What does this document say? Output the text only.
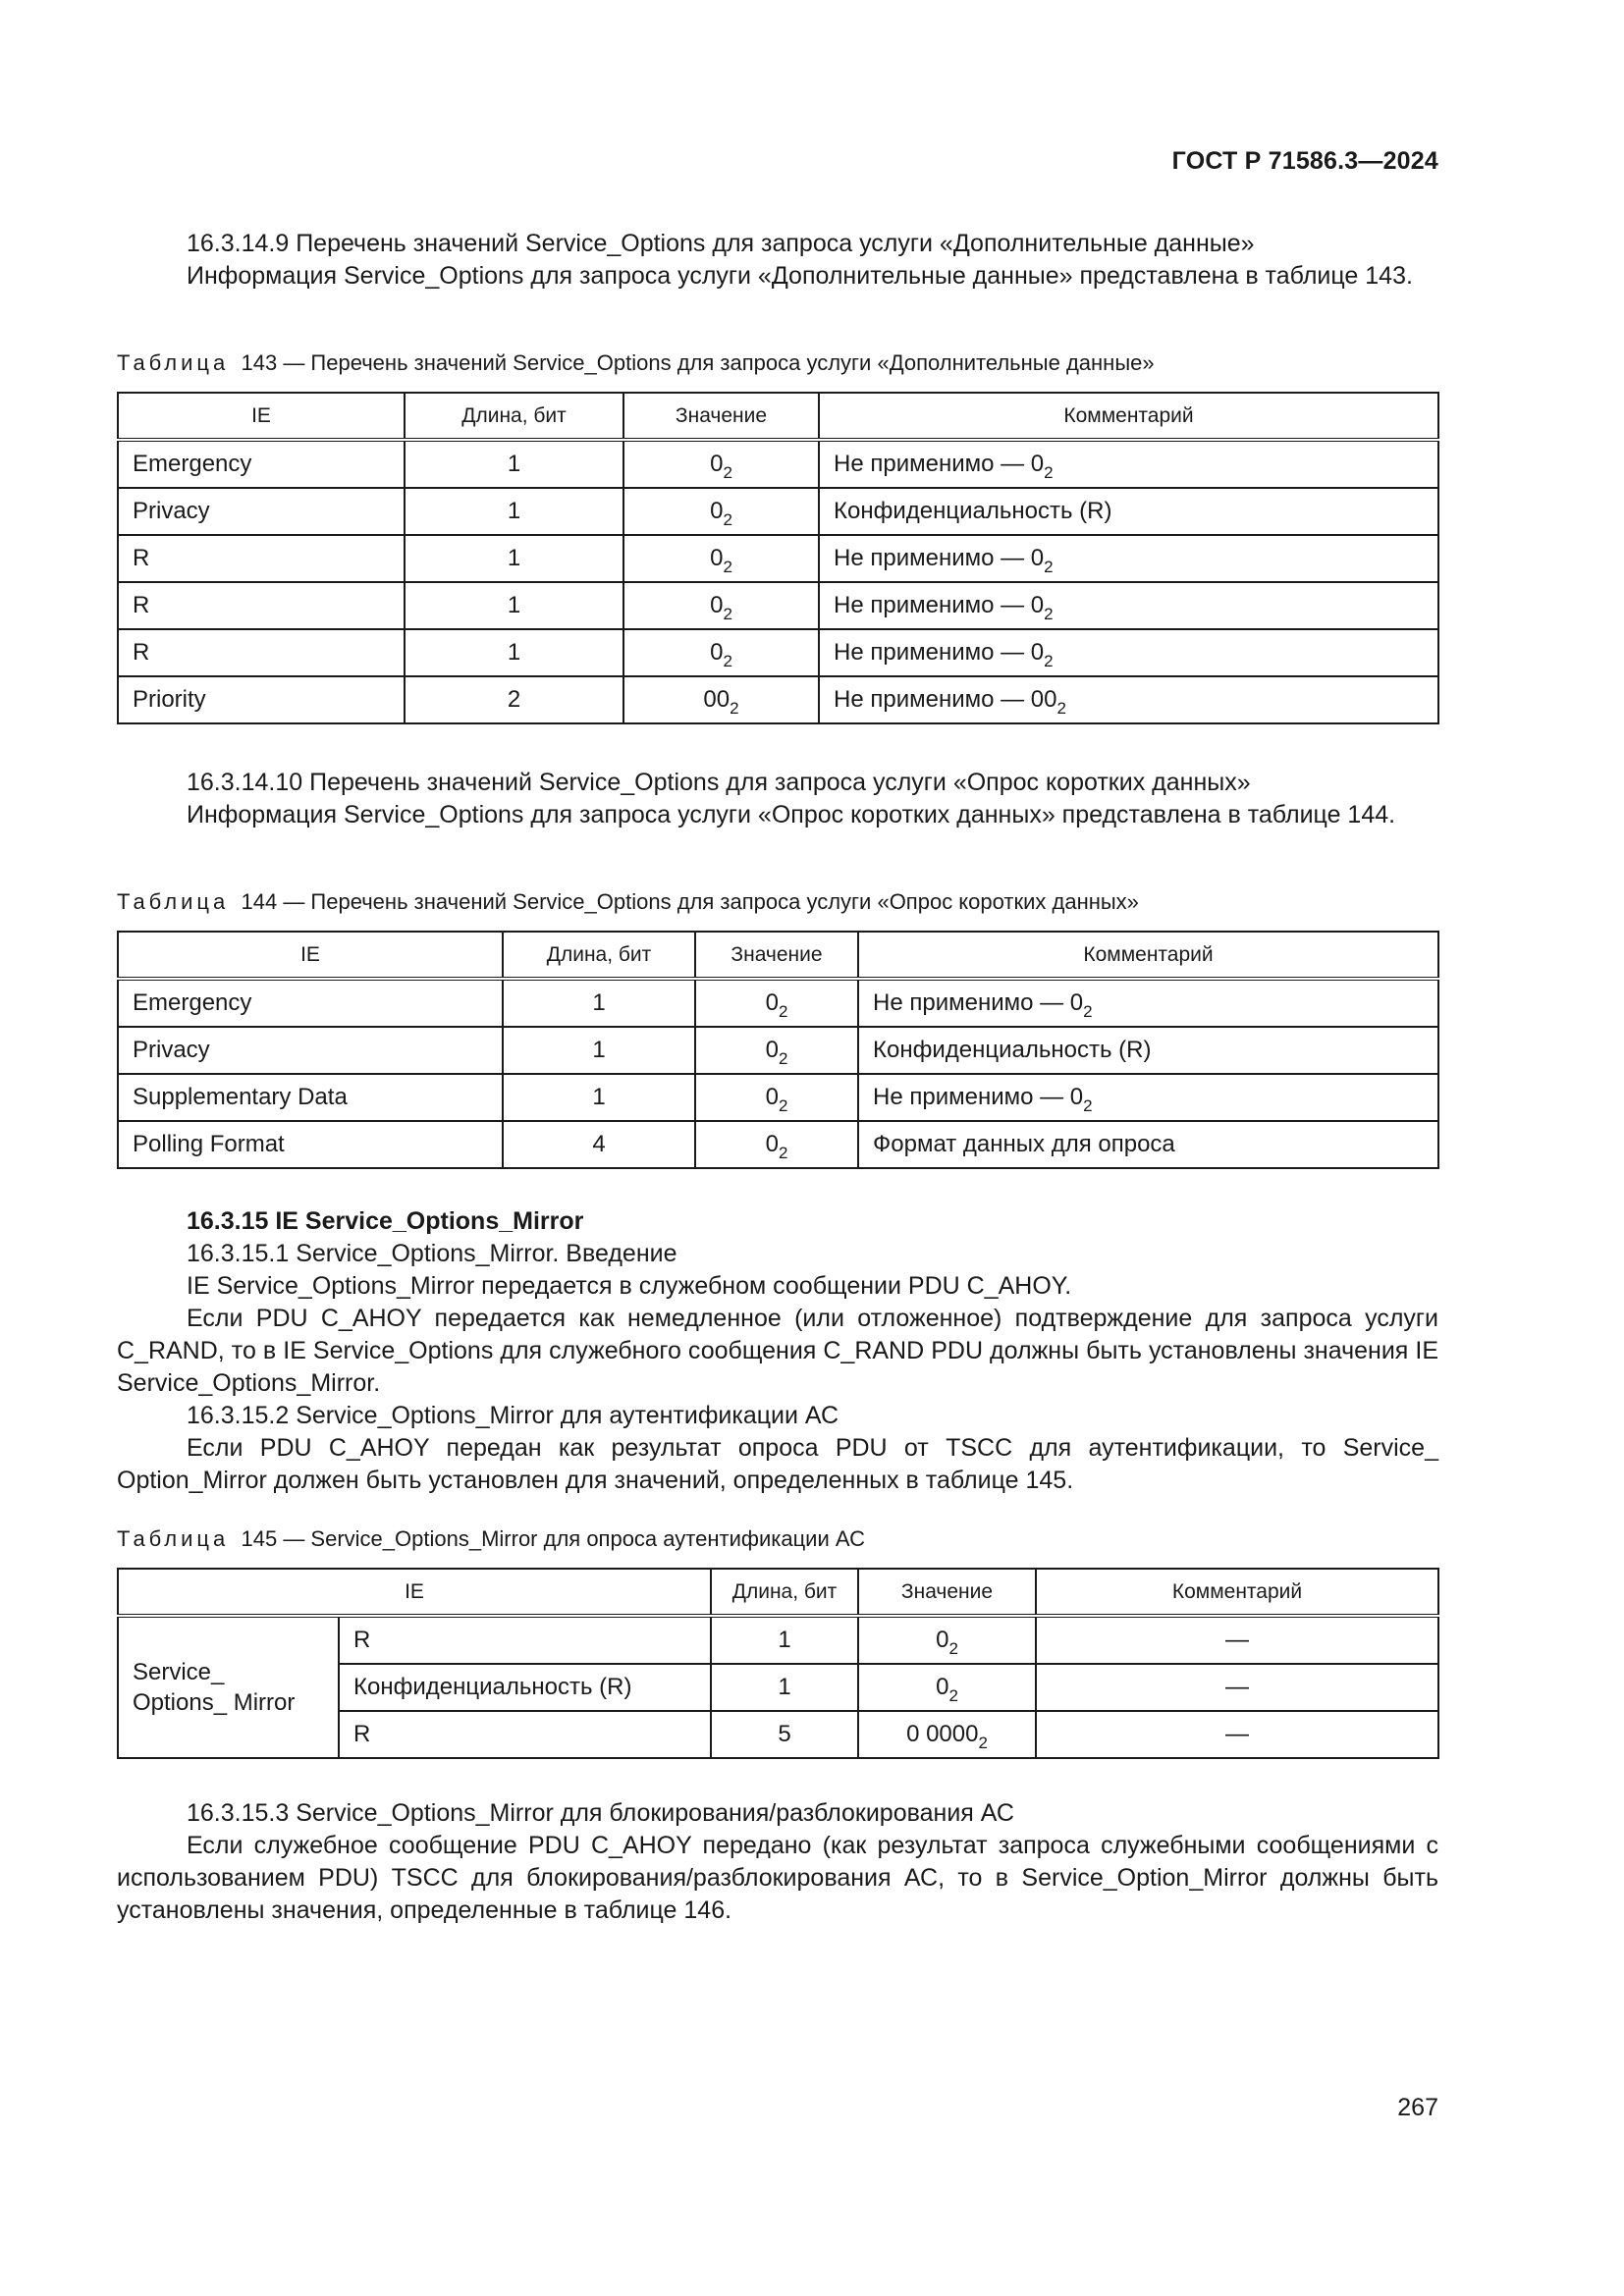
ГОСТ Р 71586.3—2024

16.3.14.9 Перечень значений Service_Options для запроса услуги «Дополнительные данные»

Информация Service_Options для запроса услуги «Дополнительные данные» представлена в таблице 143.

Таблица 143 — Перечень значений Service_Options для запроса услуги «Дополнительные данные»
IE	Длина, бит	Значение	Комментарий
Emergency	1	$0_2$	Не применимо — $0_2$
Privacy	1	$0_2$	Конфиденциальность (R)
R	1	$0_2$	Не применимо — $0_2$
R	1	$0_2$	Не применимо — $0_2$
R	1	$0_2$	Не применимо — $0_2$
Priority	2	$00_2$	Не применимо — $00_2$

16.3.14.10 Перечень значений Service_Options для запроса услуги «Опрос коротких данных»

Информация Service_Options для запроса услуги «Опрос коротких данных» представлена в таблице 144.

Таблица 144 — Перечень значений Service_Options для запроса услуги «Опрос коротких данных»
IE	Длина, бит	Значение	Комментарий
Emergency	1	$0_2$	Не применимо — $0_2$
Privacy	1	$0_2$	Конфиденциальность (R)
Supplementary Data	1	$0_2$	Не применимо — $0_2$
Polling Format	4	$0_2$	Формат данных для опроса

16.3.15 IE Service_Options_Mirror

16.3.15.1 Service_Options_Mirror. Введение

IE Service_Options_Mirror передается в служебном сообщении PDU C_AHOY.

Если PDU C_AHOY передается как немедленное (или отложенное) подтверждение для запроса услуги C_RAND, то в IE Service_Options для служебного сообщения C_RAND PDU должны быть установлены значения IE Service_Options_Mirror.

16.3.15.2 Service_Options_Mirror для аутентификации АС

Если PDU C_AHOY передан как результат опроса PDU от TSCC для аутентификации, то Service_ Option_Mirror должен быть установлен для значений, определенных в таблице 145.

Таблица 145 — Service_Options_Mirror для опроса аутентификации АС
IE		Длина, бит	Значение	Комментарий
Service_ Options_ Mirror	R	1	$0_2$	—
	Конфиденциальность (R)	1	$0_2$	—
	R	5	0 $0000_2$	—

16.3.15.3 Service_Options_Mirror для блокирования/разблокирования АС

Если служебное сообщение PDU C_AHOY передано (как результат запроса служебными сообщениями с использованием PDU) TSCC для блокирования/разблокирования АС, то в Service_Option_Mirror должны быть установлены значения, определенные в таблице 146.

267
